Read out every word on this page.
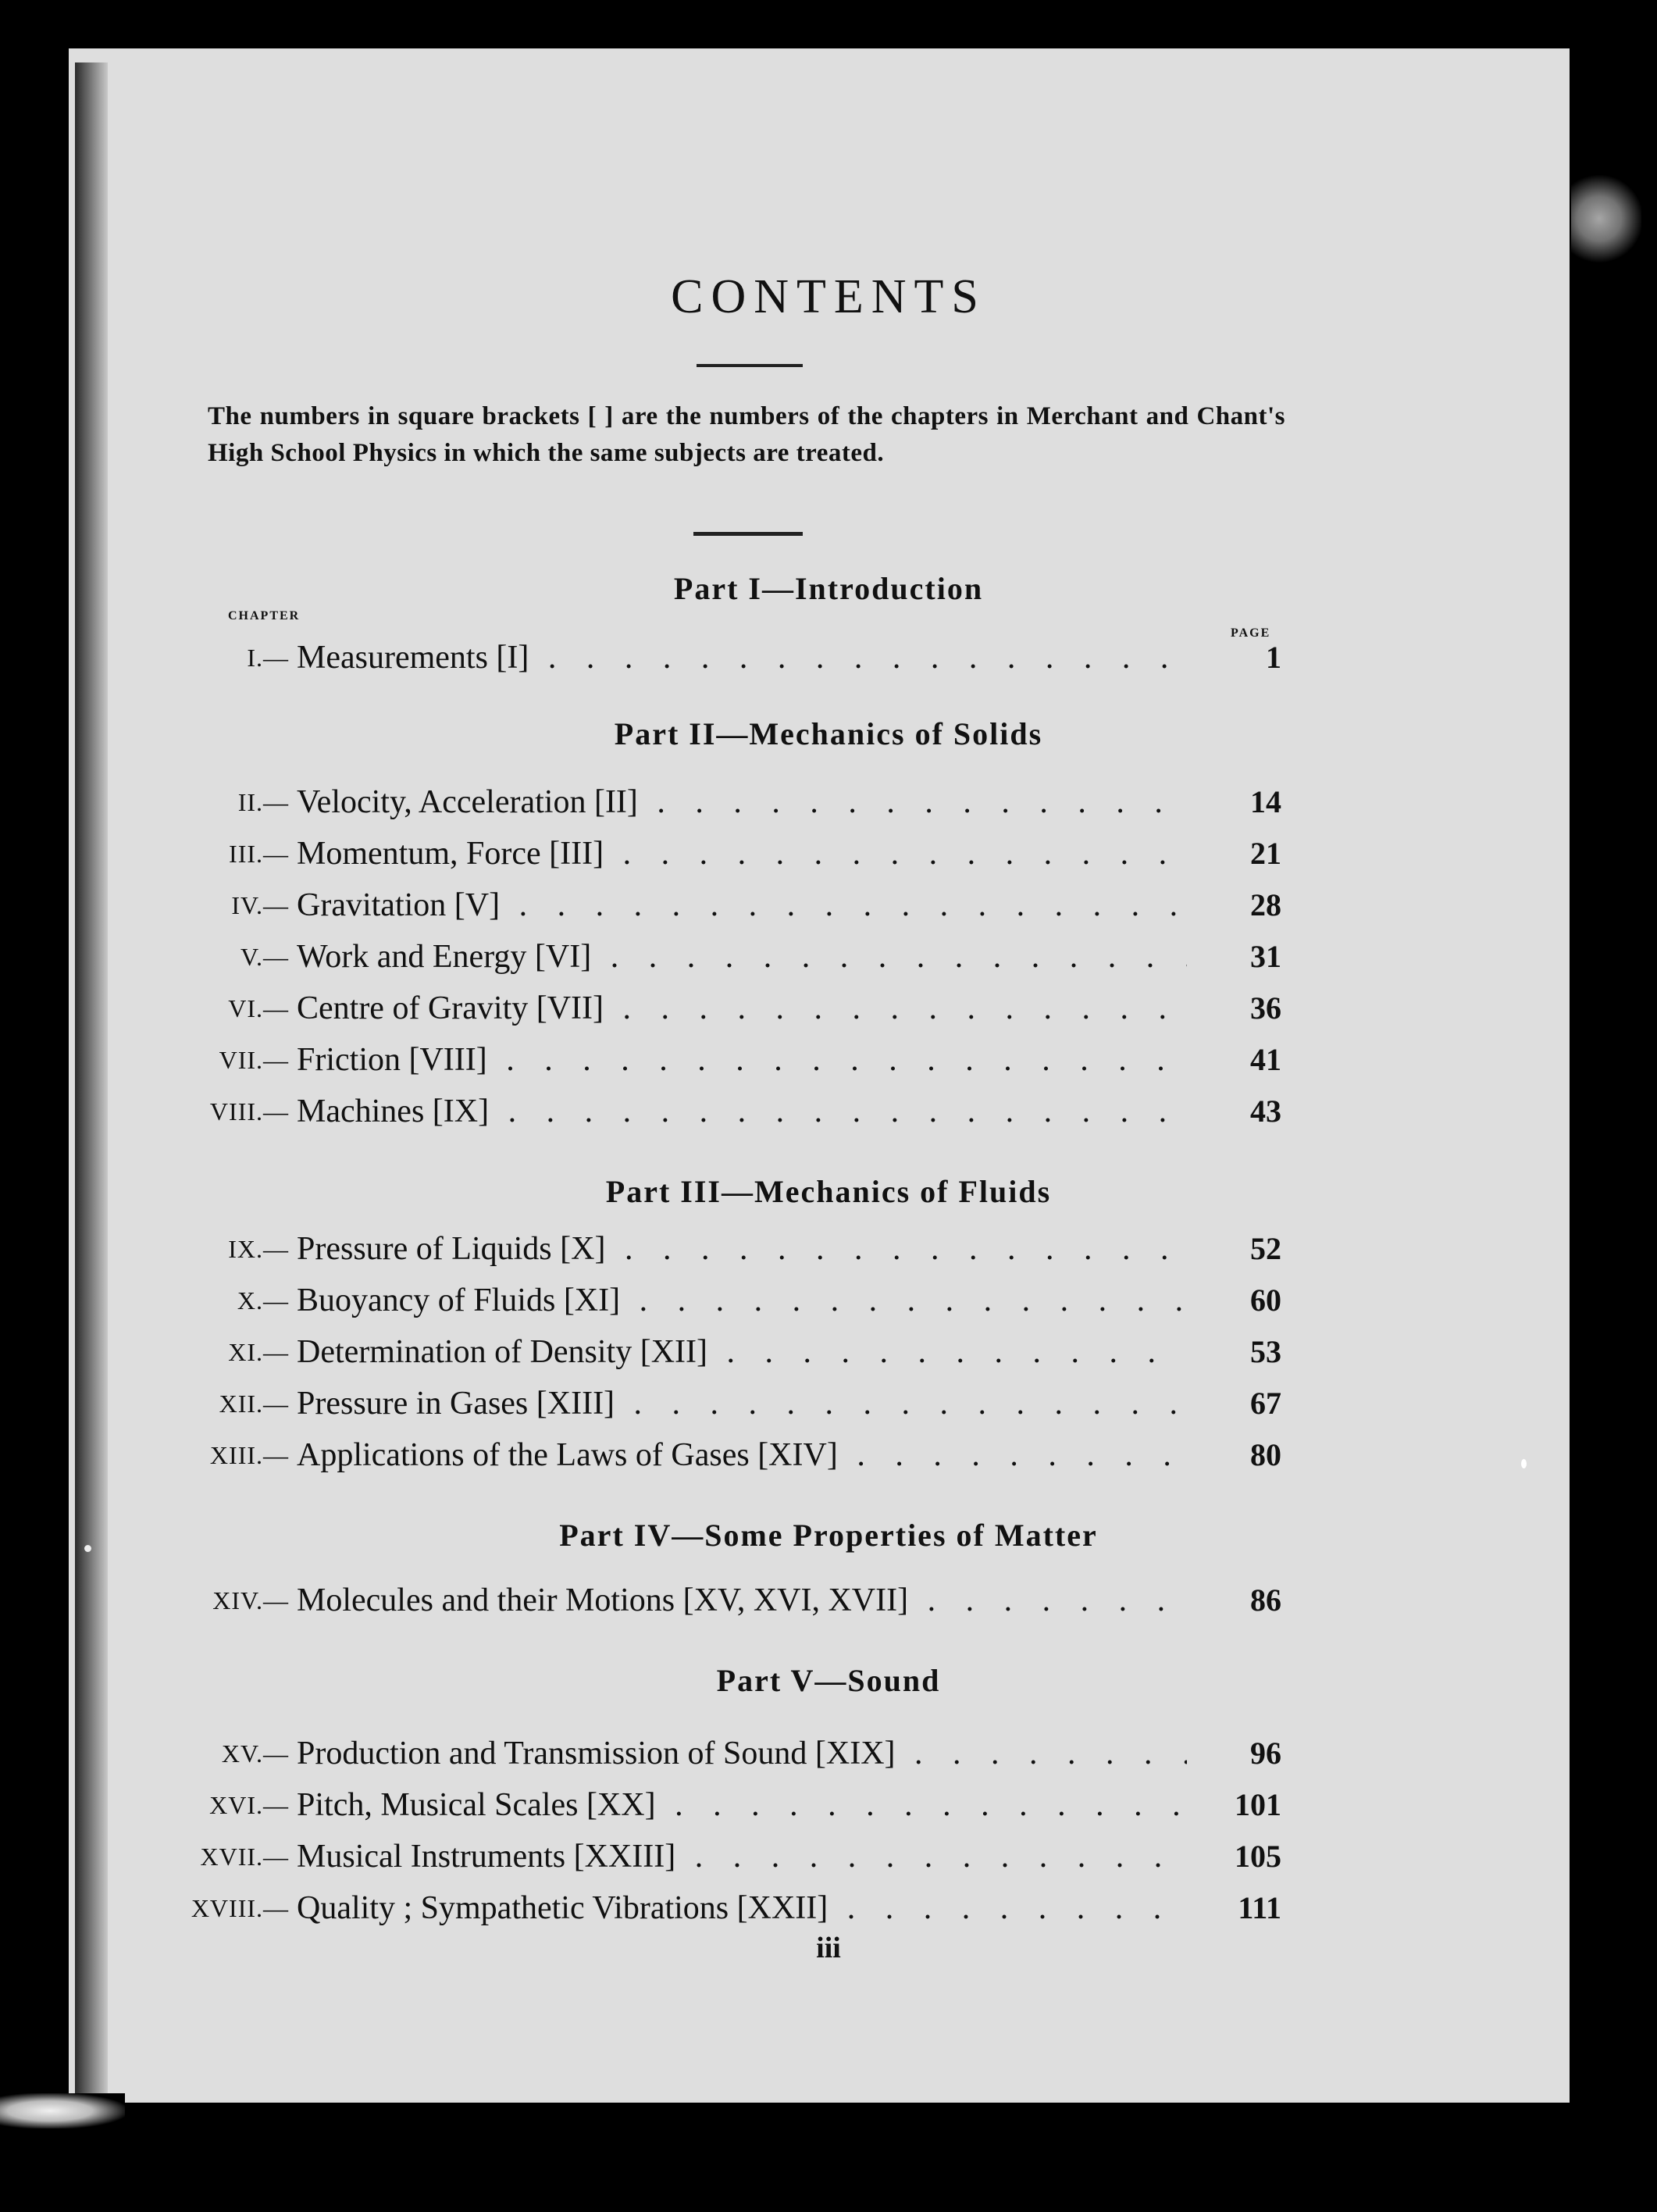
CONTENTS
The numbers in square brackets [ ] are the numbers of the chapters in Merchant and Chant's High School Physics in which the same subjects are treated.
Part I—Introduction
CHAPTER
PAGE
I.— Measurements [I] . . .	1
Part II—Mechanics of Solids
II.— Velocity, Acceleration [II] . . .	14
III.— Momentum, Force [III] . . .	21
IV.— Gravitation [V] . . .	28
V.— Work and Energy [VI] . . .	31
VI.— Centre of Gravity [VII] . . .	36
VII.— Friction [VIII] . . .	41
VIII.— Machines [IX] . . .	43
Part III—Mechanics of Fluids
IX.— Pressure of Liquids [X] . . .	52
X.— Buoyancy of Fluids [XI] . . .	60
XI.— Determination of Density [XII] . . .	53
XII.— Pressure in Gases [XIII] . . .	67
XIII.— Applications of the Laws of Gases [XIV] . . .	80
Part IV—Some Properties of Matter
XIV.— Molecules and their Motions [XV, XVI, XVII] . . .	86
Part V—Sound
XV.— Production and Transmission of Sound [XIX] . . .	96
XVI.— Pitch, Musical Scales [XX] . . .	101
XVII.— Musical Instruments [XXIII] . . .	105
XVIII.— Quality ; Sympathetic Vibrations [XXII] . . .	111
iii
